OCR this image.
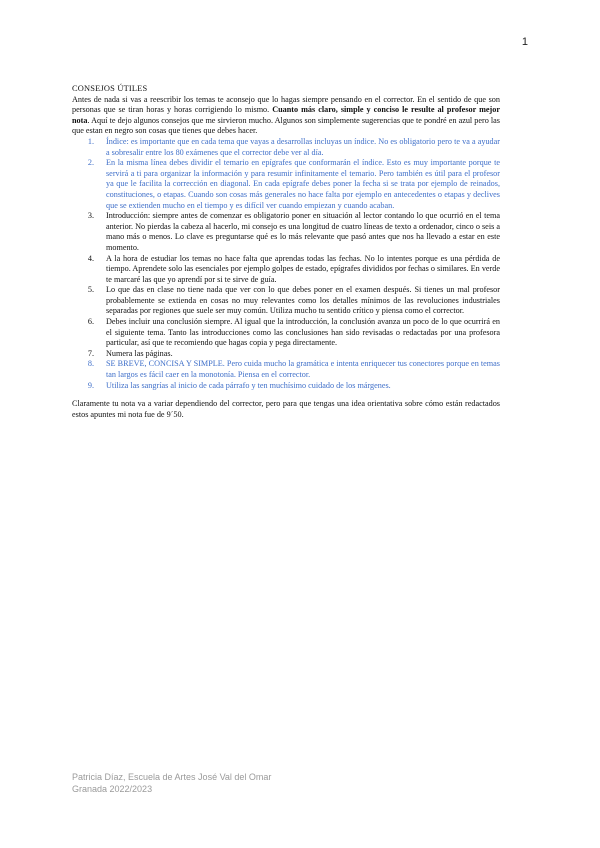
1

CONSEJOS ÚTILES

Antes de nada si vas a reescribir los temas te aconsejo que lo hagas siempre pensando en el corrector. En el sentido de que son personas que se tiran horas y horas corrigiendo lo mismo. Cuanto más claro, simple y conciso le resulte al profesor mejor nota. Aquí te dejo algunos consejos que me sirvieron mucho. Algunos son simplemente sugerencias que te pondré en azul pero las que estan en negro son cosas que tienes que debes hacer.

1.	Índice: es importante que en cada tema que vayas a desarrollas incluyas un índice. No es obligatorio pero te va a ayudar a sobresalir entre los 80 exámenes que el corrector debe ver al día.
2.	En la misma línea debes dividir el temario en epígrafes que conformarán el índice. Esto es muy importante porque te servirá a ti para organizar la información y para resumir infinitamente el temario. Pero también es útil para el profesor ya que le facilita la corrección en diagonal. En cada epígrafe debes poner la fecha si se trata por ejemplo de reinados, constituciones, o etapas. Cuando son cosas más generales no hace falta por ejemplo en antecedentes o etapas y declives que se extienden mucho en el tiempo y es difícil ver cuando empiezan y cuando acaban.
3.	Introducción: siempre antes de comenzar es obligatorio poner en situación al lector contando lo que ocurrió en el tema anterior. No pierdas la cabeza al hacerlo, mi consejo es una longitud de cuatro líneas de texto a ordenador, cinco o seis a mano más o menos. Lo clave es preguntarse qué es lo más relevante que pasó antes que nos ha llevado a estar en este momento.
4.	A la hora de estudiar los temas no hace falta que aprendas todas las fechas. No lo intentes porque es una pérdida de tiempo. Aprendete solo las esenciales por ejemplo golpes de estado, epígrafes divididos por fechas o similares. En verde te marcaré las que yo aprendí por si te sirve de guía.
5.	Lo que das en clase no tiene nada que ver con lo que debes poner en el examen después. Si tienes un mal profesor probablemente se extienda en cosas no muy relevantes como los detalles mínimos de las revoluciones industriales separadas por regiones que suele ser muy común. Utiliza mucho tu sentido crítico y piensa como el corrector.
6.	Debes incluir una conclusión siempre. Al igual que la introducción, la conclusión avanza un poco de lo que ocurrirá en el siguiente tema. Tanto las introducciones como las conclusiones han sido revisadas o redactadas por una profesora particular, así que te recomiendo que hagas copia y pega directamente.
7.	Numera las páginas.
8.	SE BREVE, CONCISA Y SIMPLE. Pero cuida mucho la gramática e intenta enriquecer tus conectores porque en temas tan largos es fácil caer en la monotonía. Piensa en el corrector.
9.	Utiliza las sangrías al inicio de cada párrafo y ten muchísimo cuidado de los márgenes.

Claramente tu nota va a variar dependiendo del corrector, pero para que tengas una idea orientativa sobre cómo están redactados estos apuntes mi nota fue de 9´50.

Patricia Díaz, Escuela de Artes José Val del Omar
Granada 2022/2023
